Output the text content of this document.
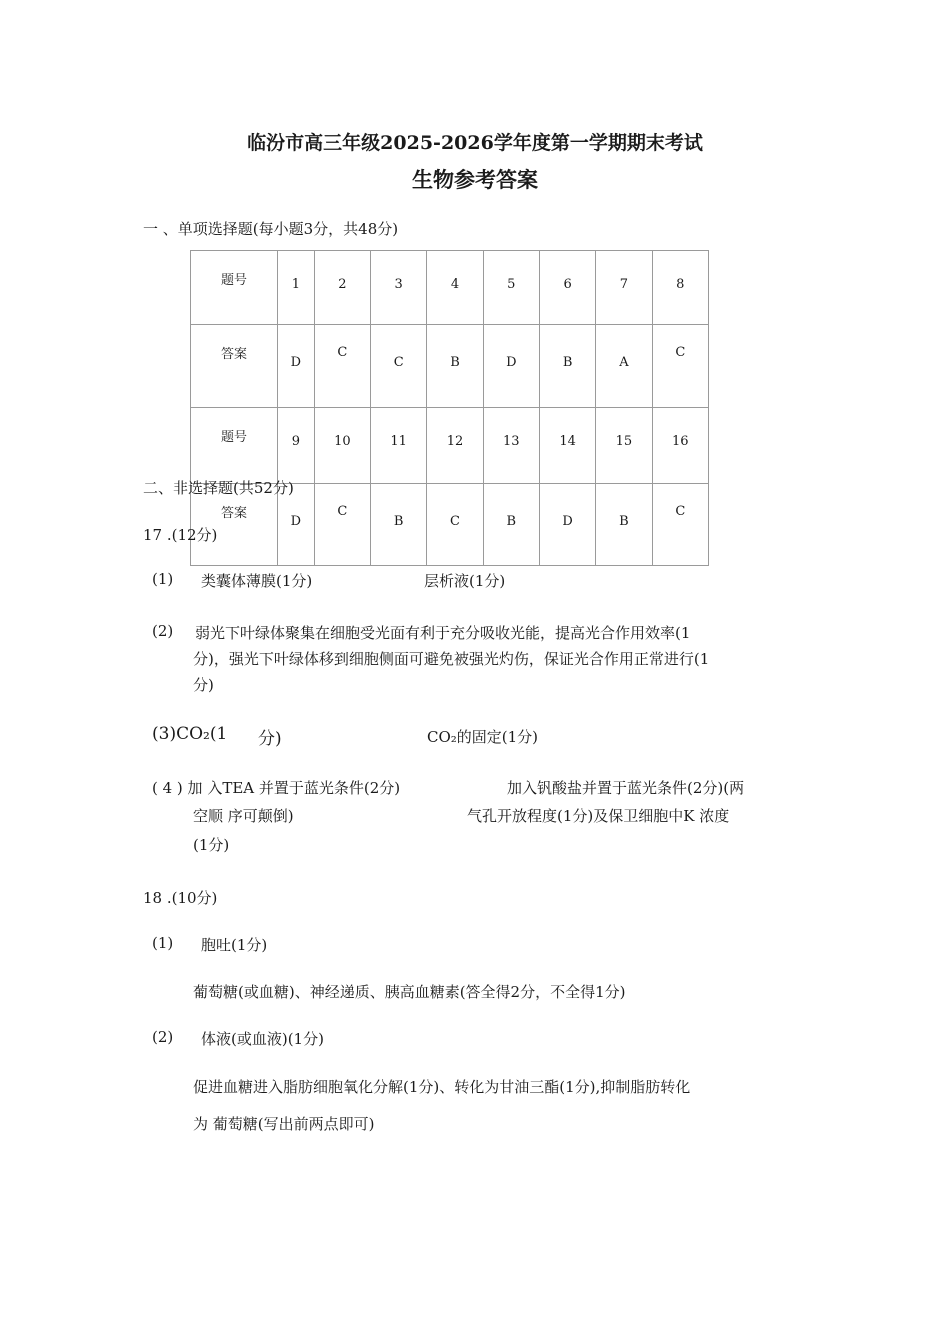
临汾市高三年级2025-2026学年度第一学期期末考试
生物参考答案
一 、单项选择题(每小题3分，共48分)
题号	1	2	3	4	5	6	7	8
答案	D	C	C	B	D	B	A	C
题号	9	10	11	12	13	14	15	16
答案	D	C	B	C	B	D	B	C
二、非选择题(共52分)
17 .(12分)
(1) 类囊体薄膜(1分)	层析液(1分)
(2) 弱光下叶绿体聚集在细胞受光面有利于充分吸收光能，提高光合作用效率(1
分)，强光下叶绿体移到细胞侧面可避免被强光灼伤，保证光合作用正常进行(1
分)
(3)CO₂(1 分)	CO₂的固定(1分)
( 4 ) 加 入TEA 并置于蓝光条件(2分)	加入钒酸盐并置于蓝光条件(2分)(两
空顺 序可颠倒)	气孔开放程度(1分)及保卫细胞中K 浓度
(1分)
18 .(10分)
(1) 胞吐(1分)
葡萄糖(或血糖)、神经递质、胰高血糖素(答全得2分，不全得1分)
(2) 体液(或血液)(1分)
促进血糖进入脂肪细胞氧化分解(1分)、转化为甘油三酯(1分),抑制脂肪转化
为 葡萄糖(写出前两点即可)
